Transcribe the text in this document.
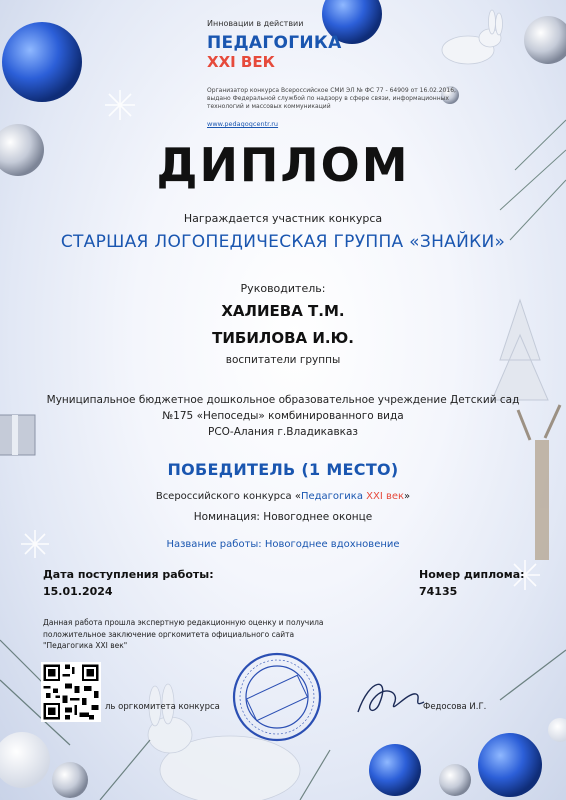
Инновации в действии
ПЕДАГОГИКА
XXI ВЕК
Организатор конкурса Всероссийское СМИ ЭЛ № ФС 77 - 64909 от 16.02.2016, выдано Федеральной службой по надзору в сфере связи, информационных технологий и массовых коммуникаций
www.pedagogcentr.ru
ДИПЛОМ
Награждается участник конкурса
СТАРШАЯ ЛОГОПЕДИЧЕСКАЯ ГРУППА «ЗНАЙКИ»
Руководитель:
ХАЛИЕВА Т.М.
ТИБИЛОВА И.Ю.
воспитатели группы
Муниципальное бюджетное дошкольное образовательное учреждение Детский сад
№175 «Непоседы» комбинированного вида
РСО-Алания г.Владикавказ
ПОБЕДИТЕЛЬ (1 МЕСТО)
Всероссийского конкурса «Педагогика XXI век»
Номинация: Новогоднее оконце
Название работы: Новогоднее вдохновение
Дата поступления работы:
15.01.2024
Номер диплома:
74135
Данная работа прошла экспертную редакционную оценку и получила положительное заключение оргкомитета официального сайта "Педагогика XXI век"
ль оргкомитета конкурса	Федосова И.Г.
